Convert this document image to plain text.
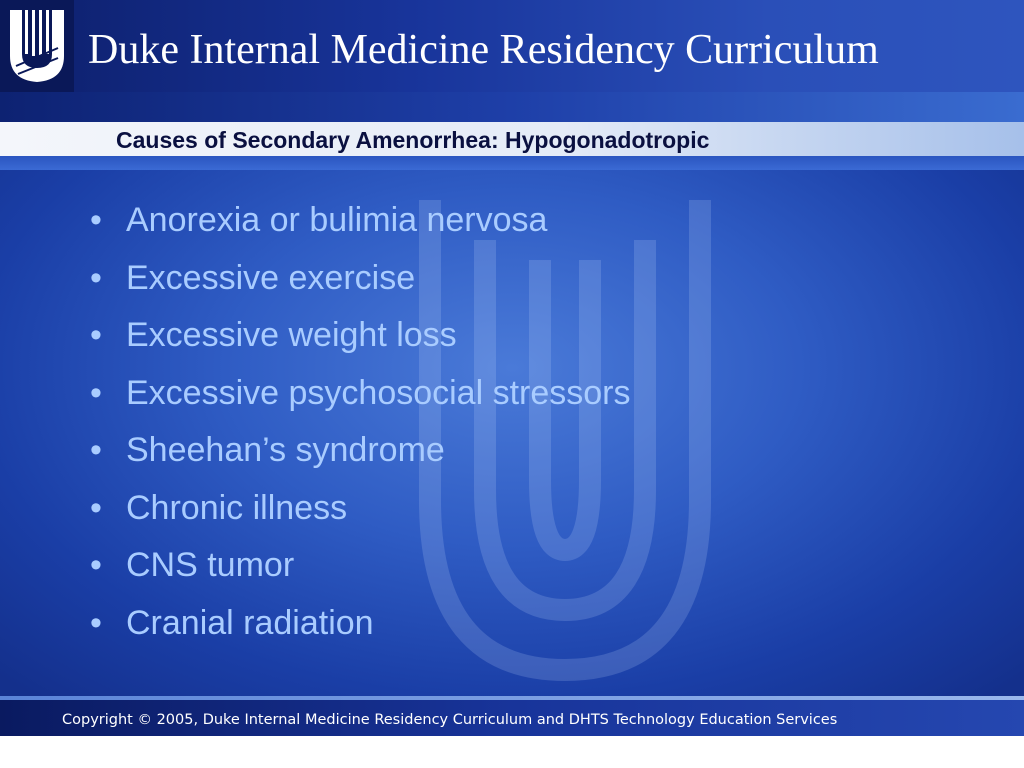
Duke Internal Medicine Residency Curriculum
Causes of Secondary Amenorrhea: Hypogonadotropic
• Anorexia or bulimia nervosa
• Excessive exercise
• Excessive weight loss
• Excessive psychosocial stressors
• Sheehan’s syndrome
• Chronic illness
• CNS tumor
• Cranial radiation
Copyright © 2005, Duke Internal Medicine Residency Curriculum and DHTS Technology Education Services
